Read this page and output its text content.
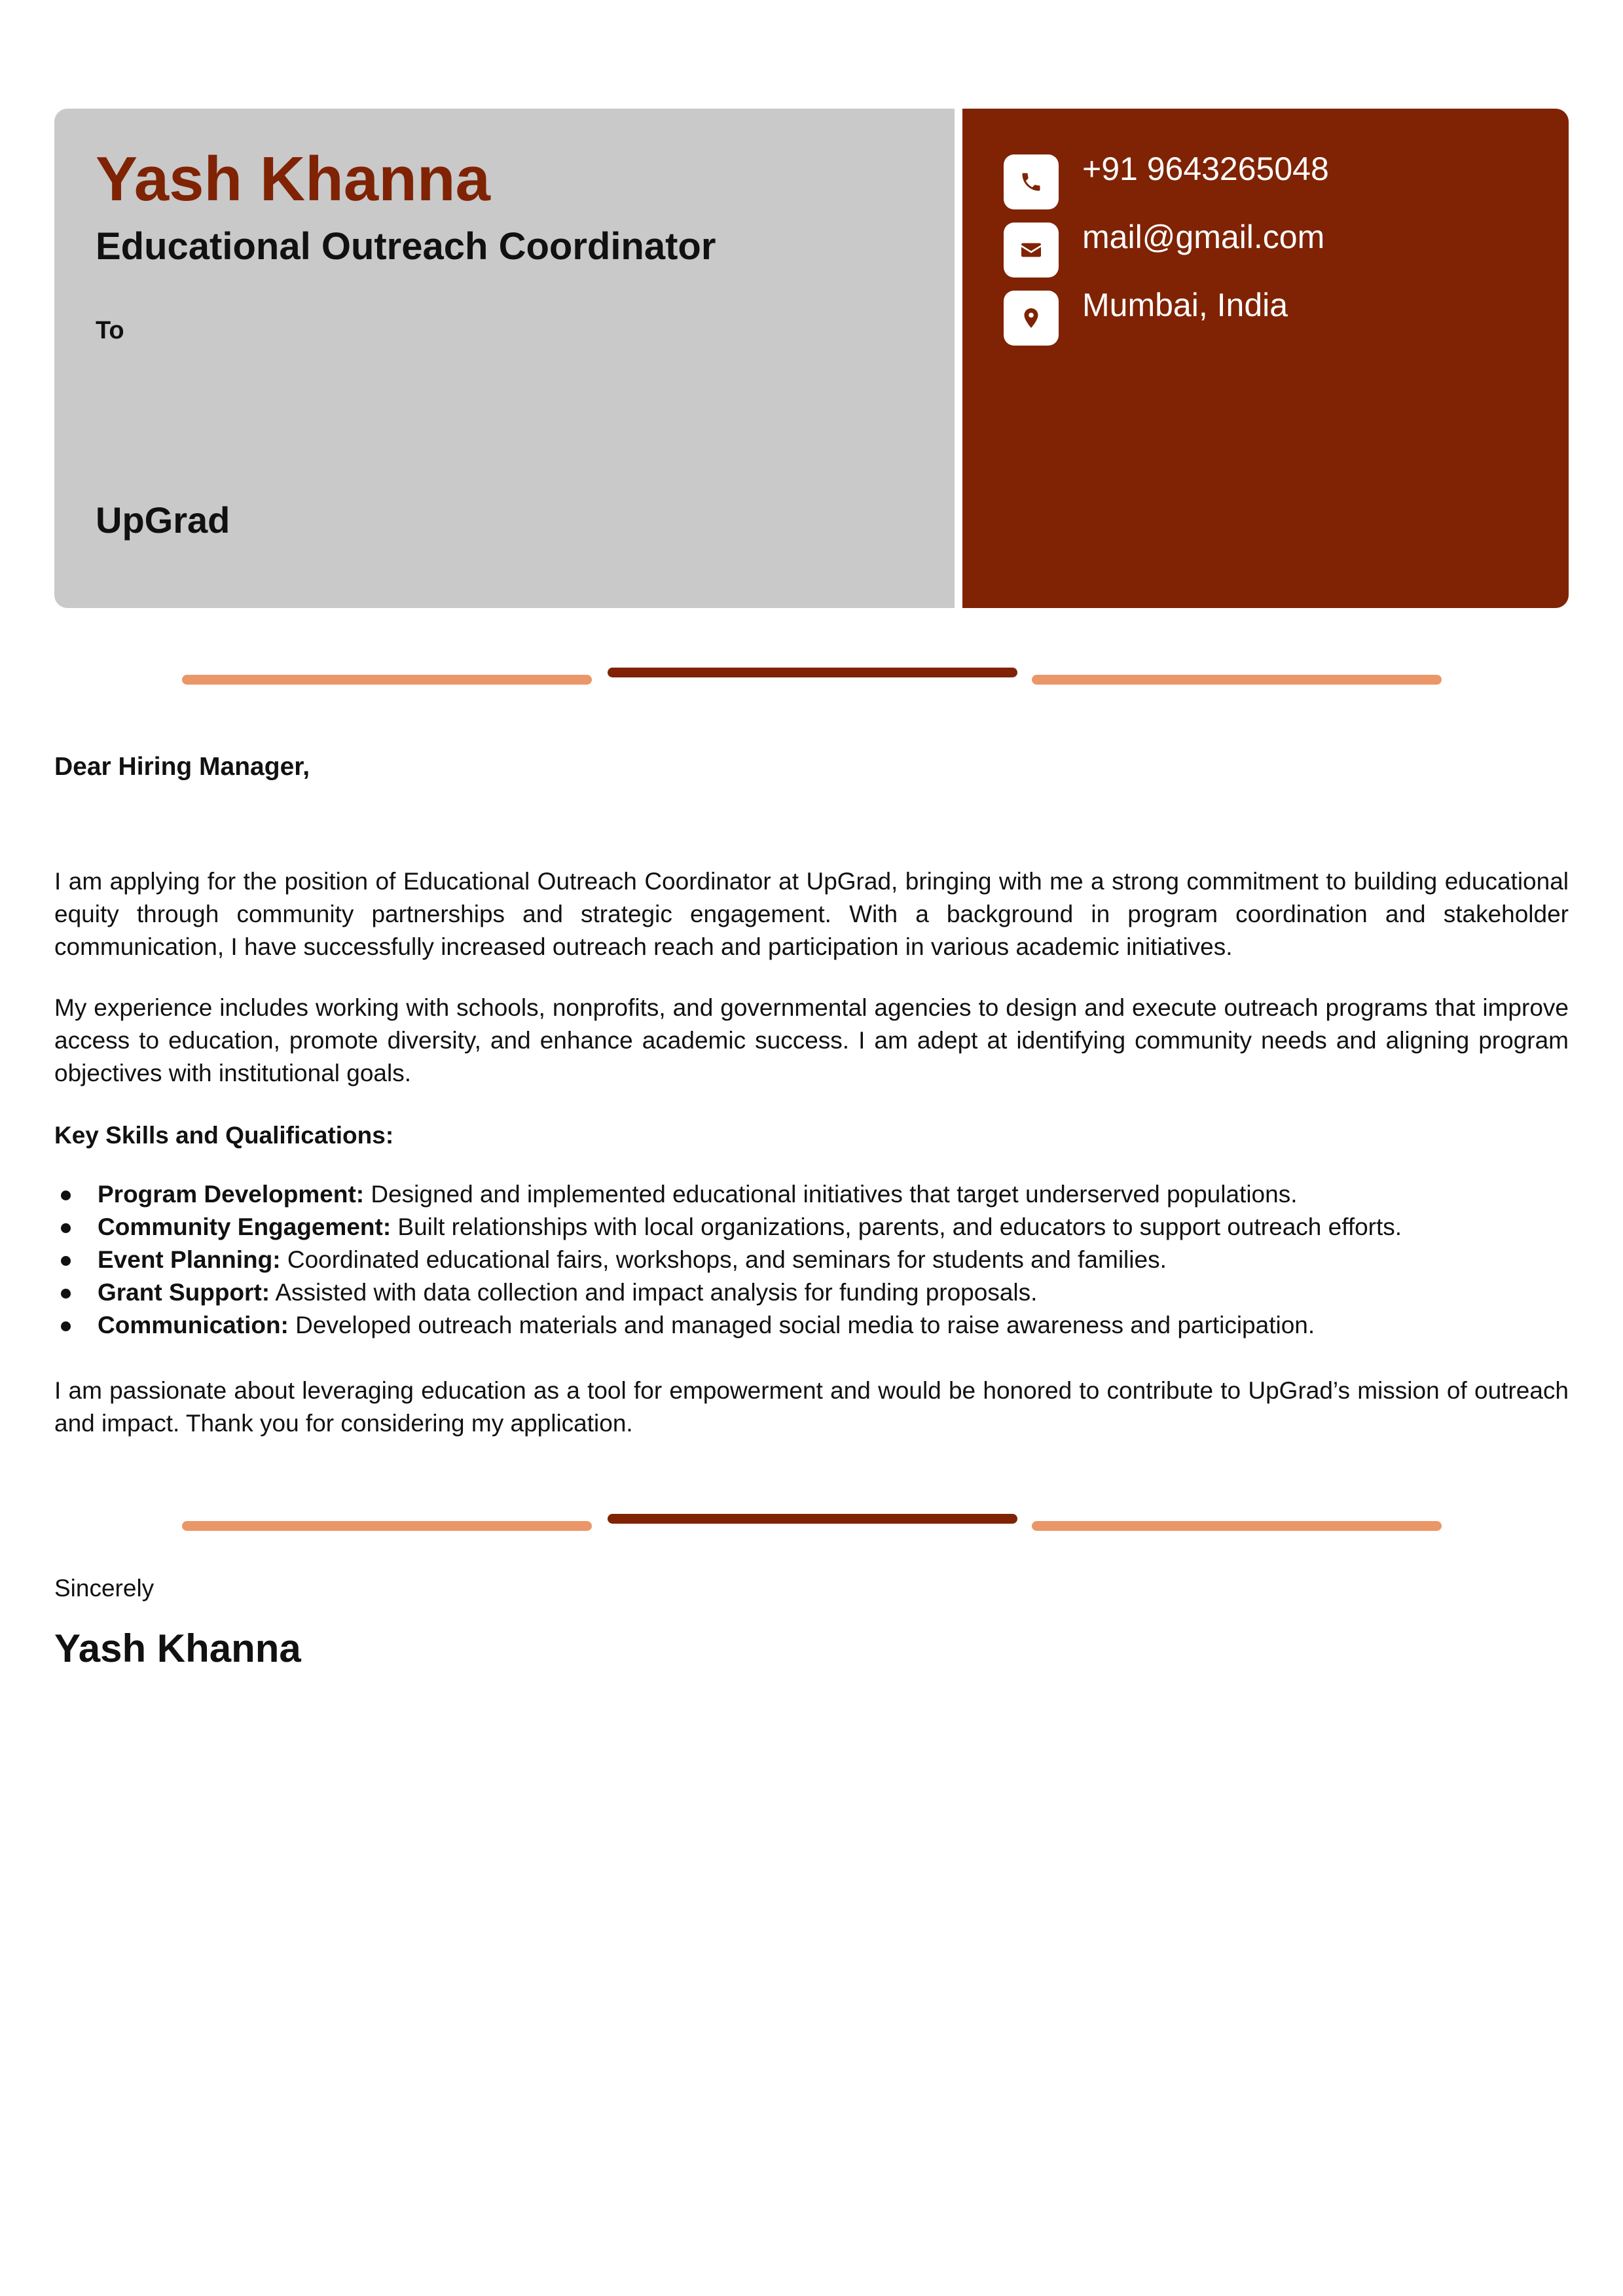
Yash Khanna
Educational Outreach Coordinator
To
UpGrad
+91 9643265048
mail@gmail.com
Mumbai, India
Dear Hiring Manager,
I am applying for the position of Educational Outreach Coordinator at UpGrad, bringing with me a strong commitment to building educational equity through community partnerships and strategic engagement. With a background in program coordination and stakeholder communication, I have successfully increased outreach reach and participation in various academic initiatives.
My experience includes working with schools, nonprofits, and governmental agencies to design and execute outreach programs that improve access to education, promote diversity, and enhance academic success. I am adept at identifying community needs and aligning program objectives with institutional goals.
Key Skills and Qualifications:
Program Development: Designed and implemented educational initiatives that target underserved populations.
Community Engagement: Built relationships with local organizations, parents, and educators to support outreach efforts.
Event Planning: Coordinated educational fairs, workshops, and seminars for students and families.
Grant Support: Assisted with data collection and impact analysis for funding proposals.
Communication: Developed outreach materials and managed social media to raise awareness and participation.
I am passionate about leveraging education as a tool for empowerment and would be honored to contribute to UpGrad’s mission of outreach and impact. Thank you for considering my application.
Sincerely
Yash Khanna
